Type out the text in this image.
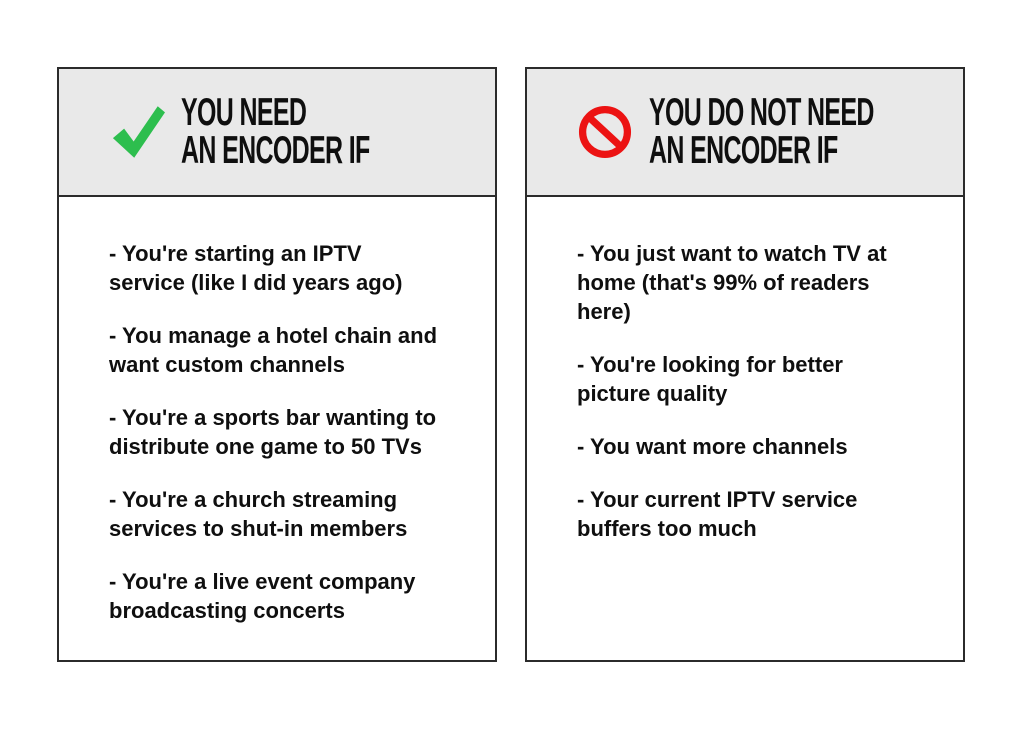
YOU NEED
AN ENCODER IF

- You're starting an IPTV service (like I did years ago)

- You manage a hotel chain and want custom channels

- You're a sports bar wanting to distribute one game to 50 TVs

- You're a church streaming services to shut-in members

- You're a live event company broadcasting concerts

YOU DO NOT NEED
AN ENCODER IF

- You just want to watch TV at home (that's 99% of readers here)

- You're looking for better picture quality

- You want more channels

- Your current IPTV service buffers too much
